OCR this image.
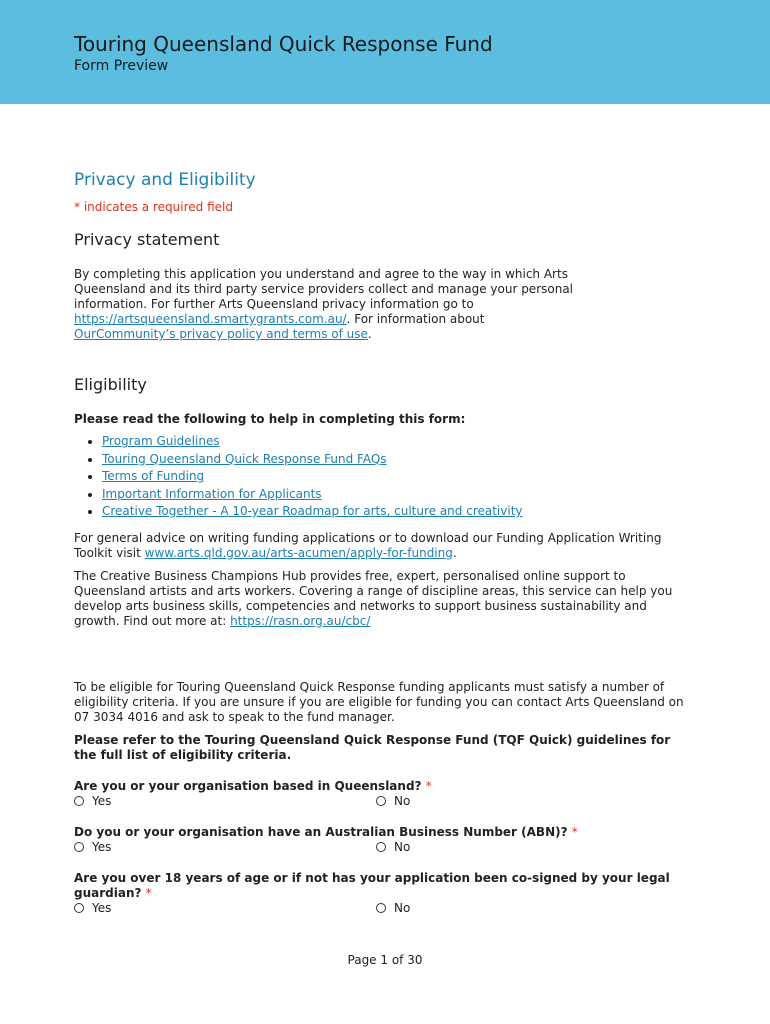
Touring Queensland Quick Response Fund
Form Preview
Privacy and Eligibility
* indicates a required field
Privacy statement

By completing this application you understand and agree to the way in which Arts Queensland and its third party service providers collect and manage your personal information. For further Arts Queensland privacy information go to https://artsqueensland.smartygrants.com.au/. For information about OurCommunity’s privacy policy and terms of use.

Eligibility

Please read the following to help in completing this form:

• Program Guidelines
• Touring Queensland Quick Response Fund FAQs
• Terms of Funding
• Important Information for Applicants
• Creative Together - A 10-year Roadmap for arts, culture and creativity

For general advice on writing funding applications or to download our Funding Application Writing Toolkit visit www.arts.qld.gov.au/arts-acumen/apply-for-funding.

The Creative Business Champions Hub provides free, expert, personalised online support to Queensland artists and arts workers. Covering a range of discipline areas, this service can help you develop arts business skills, competencies and networks to support business sustainability and growth. Find out more at: https://rasn.org.au/cbc/

To be eligible for Touring Queensland Quick Response funding applicants must satisfy a number of eligibility criteria. If you are unsure if you are eligible for funding you can contact Arts Queensland on 07 3034 4016 and ask to speak to the fund manager.

Please refer to the Touring Queensland Quick Response Fund (TQF Quick) guidelines for the full list of eligibility criteria.

Are you or your organisation based in Queensland? *
Yes	No
Do you or your organisation have an Australian Business Number (ABN)? *
Yes	No
Are you over 18 years of age or if not has your application been co-signed by your legal guardian? *
Yes	No
Page 1 of 30
